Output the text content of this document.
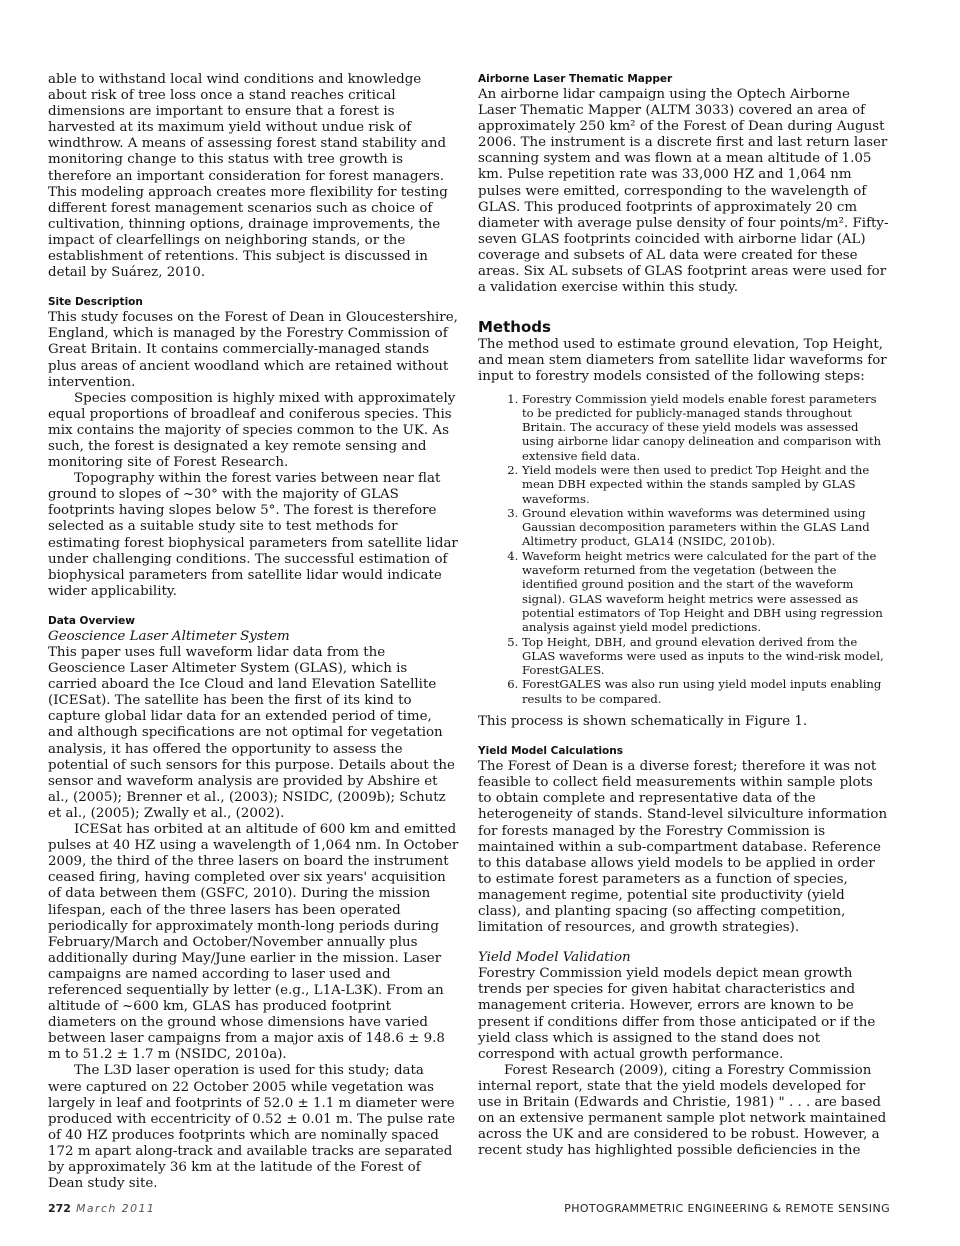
able to withstand local wind conditions and knowledge about risk of tree loss once a stand reaches critical dimensions are important to ensure that a forest is harvested at its maximum yield without undue risk of windthrow. A means of assessing forest stand stability and monitoring change to this status with tree growth is therefore an important consideration for forest managers. This modeling approach creates more flexibility for testing different forest management scenarios such as choice of cultivation, thinning options, drainage improvements, the impact of clearfellings on neighboring stands, or the establishment of retentions. This subject is discussed in detail by Suárez, 2010.

Site Description

This study focuses on the Forest of Dean in Gloucestershire, England, which is managed by the Forestry Commission of Great Britain. It contains commercially-managed stands plus areas of ancient woodland which are retained without intervention.

Species composition is highly mixed with approximately equal proportions of broadleaf and coniferous species. This mix contains the majority of species common to the UK. As such, the forest is designated a key remote sensing and monitoring site of Forest Research.

Topography within the forest varies between near flat ground to slopes of ~30° with the majority of GLAS footprints having slopes below 5°. The forest is therefore selected as a suitable study site to test methods for estimating forest biophysical parameters from satellite lidar under challenging conditions. The successful estimation of biophysical parameters from satellite lidar would indicate wider applicability.

Data Overview
Geoscience Laser Altimeter System

This paper uses full waveform lidar data from the Geoscience Laser Altimeter System (GLAS), which is carried aboard the Ice Cloud and land Elevation Satellite (ICESat). The satellite has been the first of its kind to capture global lidar data for an extended period of time, and although specifications are not optimal for vegetation analysis, it has offered the opportunity to assess the potential of such sensors for this purpose. Details about the sensor and waveform analysis are provided by Abshire et al., (2005); Brenner et al., (2003); NSIDC, (2009b); Schutz et al., (2005); Zwally et al., (2002).

ICESat has orbited at an altitude of 600 km and emitted pulses at 40 HZ using a wavelength of 1,064 nm. In October 2009, the third of the three lasers on board the instrument ceased firing, having completed over six years' acquisition of data between them (GSFC, 2010). During the mission lifespan, each of the three lasers has been operated periodically for approximately month-long periods during February/March and October/November annually plus additionally during May/June earlier in the mission. Laser campaigns are named according to laser used and referenced sequentially by letter (e.g., L1A-L3K). From an altitude of ~600 km, GLAS has produced footprint diameters on the ground whose dimensions have varied between laser campaigns from a major axis of 148.6 ± 9.8 m to 51.2 ± 1.7 m (NSIDC, 2010a).

The L3D laser operation is used for this study; data were captured on 22 October 2005 while vegetation was largely in leaf and footprints of 52.0 ± 1.1 m diameter were produced with eccentricity of 0.52 ± 0.01 m. The pulse rate of 40 HZ produces footprints which are nominally spaced 172 m apart along-track and available tracks are separated by approximately 36 km at the latitude of the Forest of Dean study site.

Airborne Laser Thematic Mapper

An airborne lidar campaign using the Optech Airborne Laser Thematic Mapper (ALTM 3033) covered an area of approximately 250 km² of the Forest of Dean during August 2006. The instrument is a discrete first and last return laser scanning system and was flown at a mean altitude of 1.05 km. Pulse repetition rate was 33,000 HZ and 1,064 nm pulses were emitted, corresponding to the wavelength of GLAS. This produced footprints of approximately 20 cm diameter with average pulse density of four points/m². Fifty-seven GLAS footprints coincided with airborne lidar (AL) coverage and subsets of AL data were created for these areas. Six AL subsets of GLAS footprint areas were used for a validation exercise within this study.

Methods

The method used to estimate ground elevation, Top Height, and mean stem diameters from satellite lidar waveforms for input to forestry models consisted of the following steps:

1. Forestry Commission yield models enable forest parameters to be predicted for publicly-managed stands throughout Britain. The accuracy of these yield models was assessed using airborne lidar canopy delineation and comparison with extensive field data.
2. Yield models were then used to predict Top Height and the mean DBH expected within the stands sampled by GLAS waveforms.
3. Ground elevation within waveforms was determined using Gaussian decomposition parameters within the GLAS Land Altimetry product, GLA14 (NSIDC, 2010b).
4. Waveform height metrics were calculated for the part of the waveform returned from the vegetation (between the identified ground position and the start of the waveform signal). GLAS waveform height metrics were assessed as potential estimators of Top Height and DBH using regression analysis against yield model predictions.
5. Top Height, DBH, and ground elevation derived from the GLAS waveforms were used as inputs to the wind-risk model, ForestGALES.
6. ForestGALES was also run using yield model inputs enabling results to be compared.

This process is shown schematically in Figure 1.

Yield Model Calculations

The Forest of Dean is a diverse forest; therefore it was not feasible to collect field measurements within sample plots to obtain complete and representative data of the heterogeneity of stands. Stand-level silviculture information for forests managed by the Forestry Commission is maintained within a sub-compartment database. Reference to this database allows yield models to be applied in order to estimate forest parameters as a function of species, management regime, potential site productivity (yield class), and planting spacing (so affecting competition, limitation of resources, and growth strategies).

Yield Model Validation

Forestry Commission yield models depict mean growth trends per species for given habitat characteristics and management criteria. However, errors are known to be present if conditions differ from those anticipated or if the yield class which is assigned to the stand does not correspond with actual growth performance.

Forest Research (2009), citing a Forestry Commission internal report, state that the yield models developed for use in Britain (Edwards and Christie, 1981) " . . . are based on an extensive permanent sample plot network maintained across the UK and are considered to be robust. However, a recent study has highlighted possible deficiencies in the

272 March 2011	PHOTOGRAMMETRIC ENGINEERING & REMOTE SENSING
